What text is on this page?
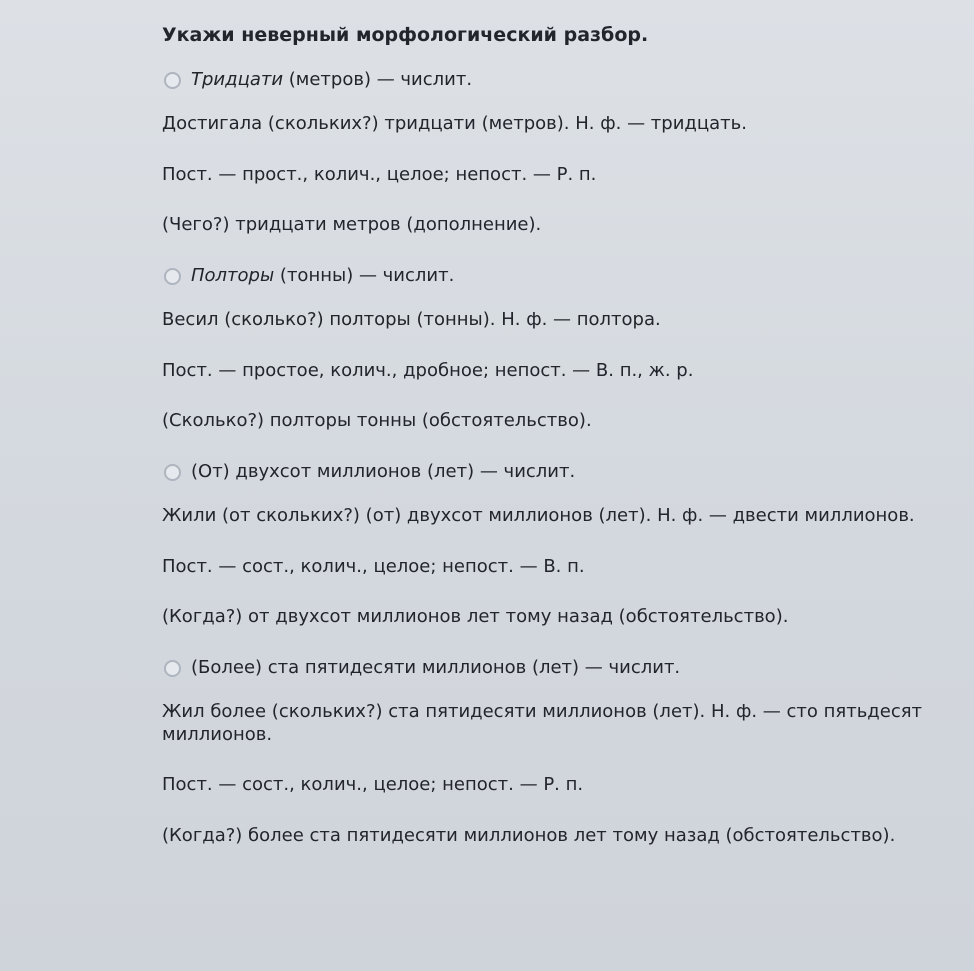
Укажи неверный морфологический разбор.
Тридцати (метров) — числит.

Достигала (скольких?) тридцати (метров). Н. ф. — тридцать.

Пост. — прост., колич., целое; непост. — Р. п.

(Чего?) тридцати метров (дополнение).

Полторы (тонны) — числит.

Весил (сколько?) полторы (тонны). Н. ф. — полтора.

Пост. — простое, колич., дробное; непост. — В. п., ж. р.

(Сколько?) полторы тонны (обстоятельство).

(От) двухсот миллионов (лет) — числит.

Жили (от скольких?) (от) двухсот миллионов (лет). Н. ф. — двести миллионов.

Пост. — сост., колич., целое; непост. — В. п.

(Когда?) от двухсот миллионов лет тому назад (обстоятельство).

(Более) ста пятидесяти миллионов (лет) — числит.

Жил более (скольких?) ста пятидесяти миллионов (лет). Н. ф. — сто пятьдесят миллионов.

Пост. — сост., колич., целое; непост. — Р. п.

(Когда?) более ста пятидесяти миллионов лет тому назад (обстоятельство).
